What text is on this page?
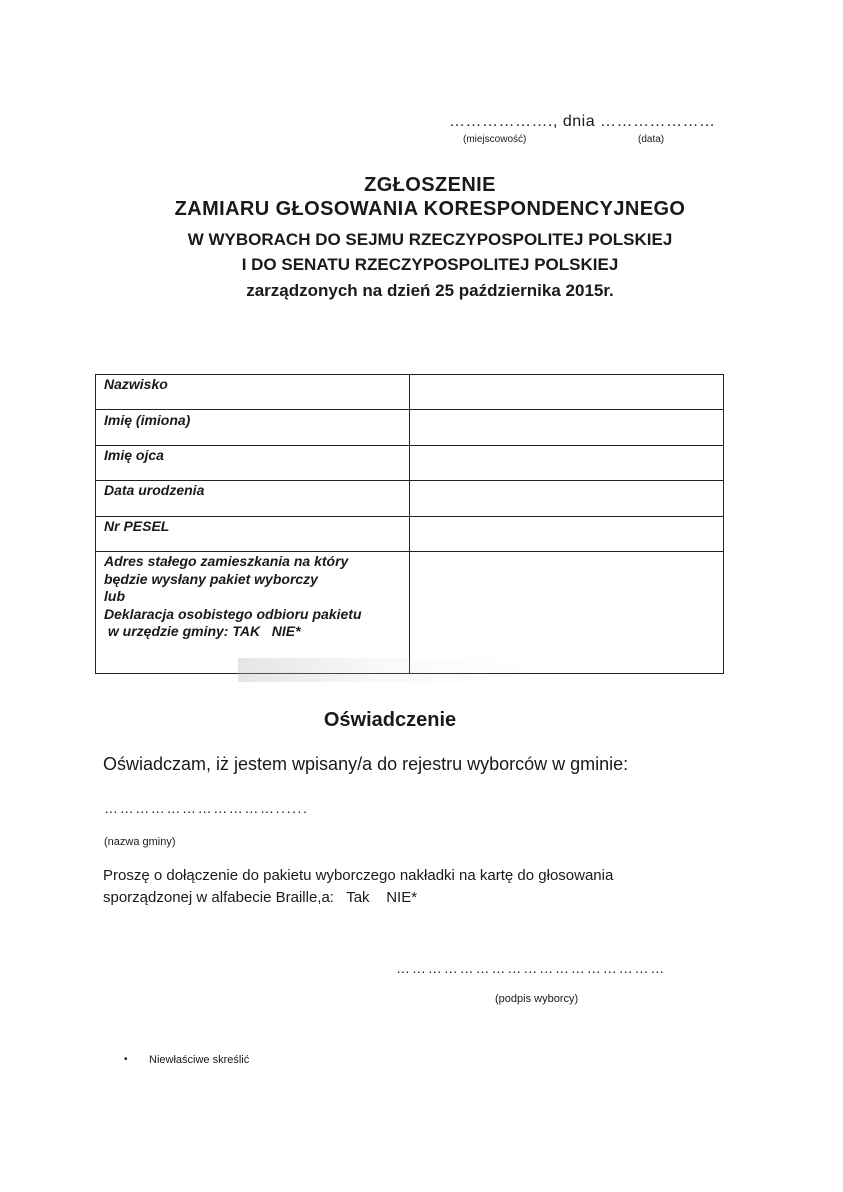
………………., dnia …………………
(miejscowość)	(data)
ZGŁOSZENIE
ZAMIARU GŁOSOWANIA KORESPONDENCYJNEGO
W WYBORACH DO SEJMU RZECZYPOSPOLITEJ POLSKIEJ
I DO SENATU RZECZYPOSPOLITEJ POLSKIEJ
zarządzonych na dzień 25 października 2015r.
Nazwisko
Imię (imiona)
Imię ojca
Data urodzenia
Nr PESEL
Adres stałego zamieszkania na który
będzie wysłany pakiet wyborczy
lub
Deklaracja osobistego odbioru pakietu
w urzędzie gminy: TAK   NIE*
Oświadczenie
Oświadczam, iż jestem wpisany/a do rejestru wyborców w gminie:
……………………………......
(nazwa gminy)
Proszę o dołączenie do pakietu wyborczego nakładki na kartę do głosowania
sporządzonej w alfabecie Braille,a:   Tak    NIE*
……………………………………………
(podpis wyborcy)
• Niewłaściwe skreślić
